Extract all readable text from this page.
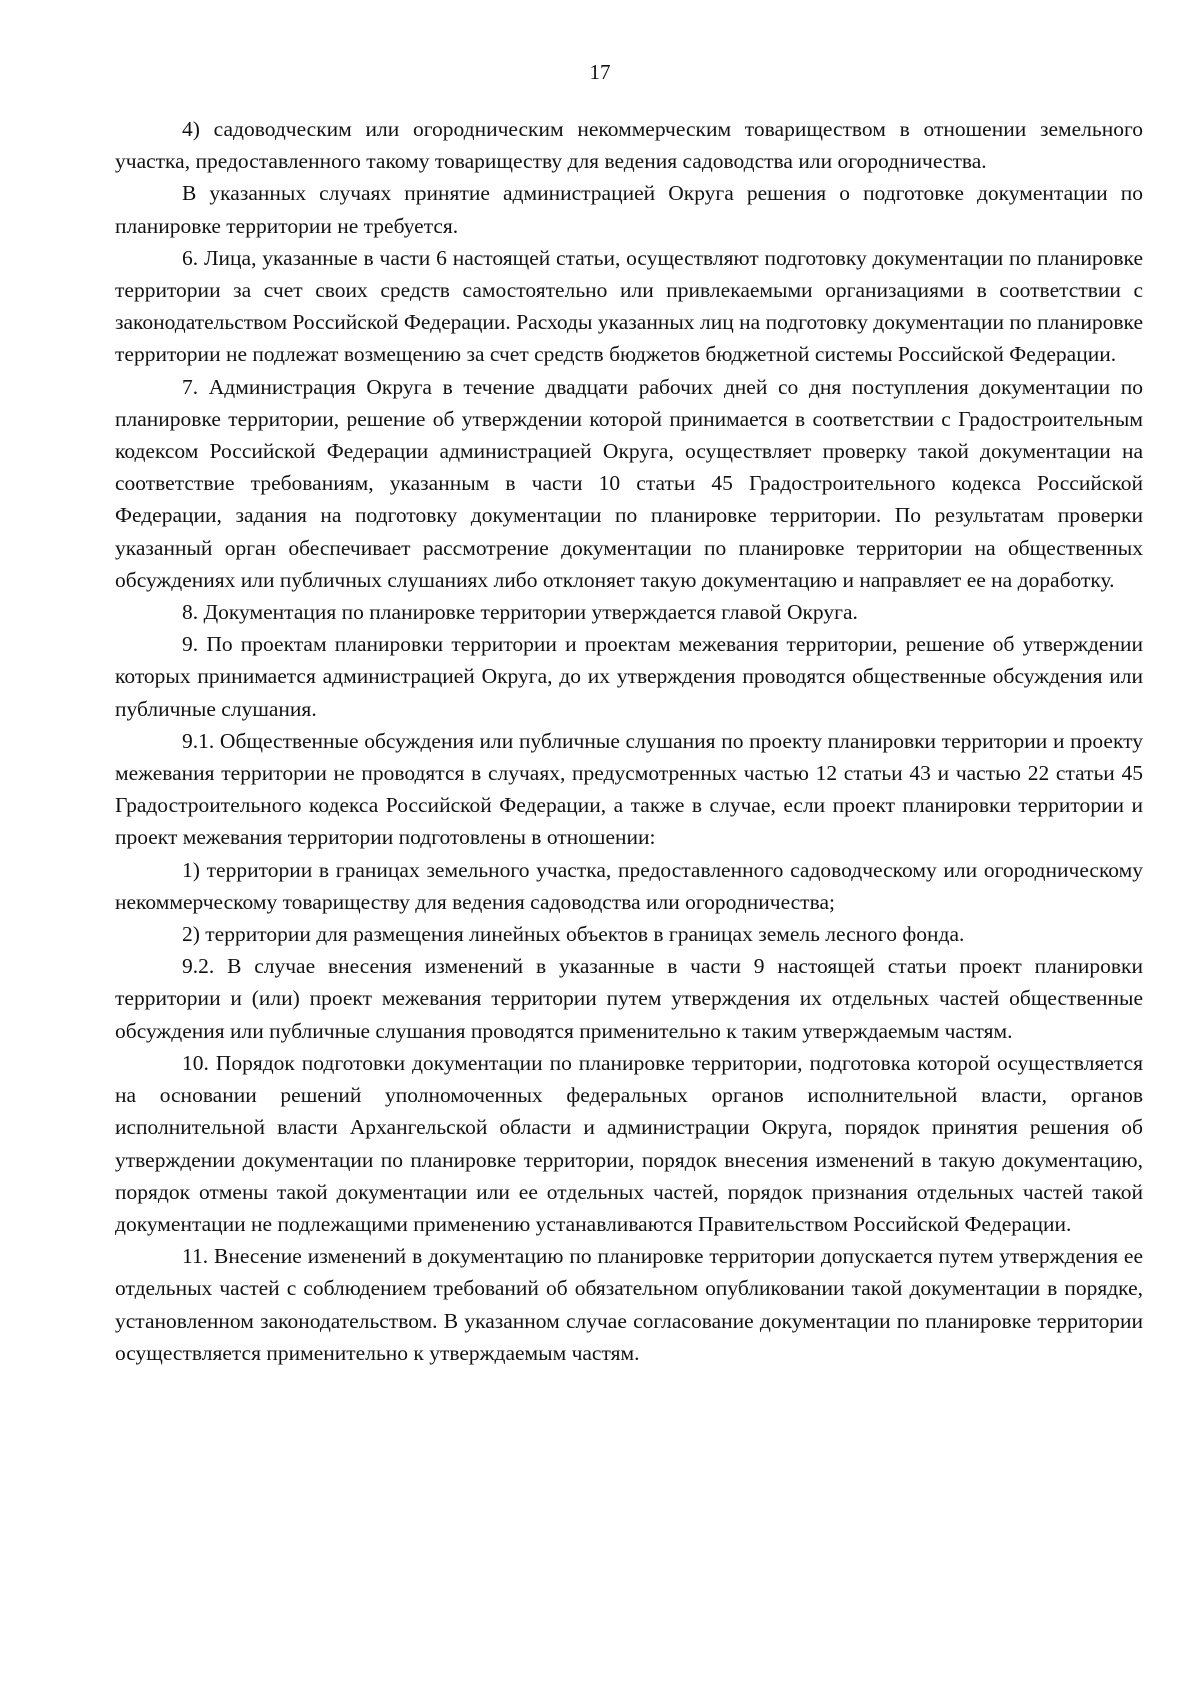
17

4) садоводческим или огородническим некоммерческим товариществом в отношении земельного участка, предоставленного такому товариществу для ведения садоводства или огородничества.

В указанных случаях принятие администрацией Округа решения о подготовке документации по планировке территории не требуется.

6. Лица, указанные в части 6 настоящей статьи, осуществляют подготовку документации по планировке территории за счет своих средств самостоятельно или привлекаемыми организациями в соответствии с законодательством Российской Федерации. Расходы указанных лиц на подготовку документации по планировке территории не подлежат возмещению за счет средств бюджетов бюджетной системы Российской Федерации.

7. Администрация Округа в течение двадцати рабочих дней со дня поступления документации по планировке территории, решение об утверждении которой принимается в соответствии с Градостроительным кодексом Российской Федерации администрацией Округа, осуществляет проверку такой документации на соответствие требованиям, указанным в части 10 статьи 45 Градостроительного кодекса Российской Федерации, задания на подготовку документации по планировке территории. По результатам проверки указанный орган обеспечивает рассмотрение документации по планировке территории на общественных обсуждениях или публичных слушаниях либо отклоняет такую документацию и направляет ее на доработку.

8. Документация по планировке территории утверждается главой Округа.

9. По проектам планировки территории и проектам межевания территории, решение об утверждении которых принимается администрацией Округа, до их утверждения проводятся общественные обсуждения или публичные слушания.

9.1. Общественные обсуждения или публичные слушания по проекту планировки территории и проекту межевания территории не проводятся в случаях, предусмотренных частью 12 статьи 43 и частью 22 статьи 45 Градостроительного кодекса Российской Федерации, а также в случае, если проект планировки территории и проект межевания территории подготовлены в отношении:

1) территории в границах земельного участка, предоставленного садоводческому или огородническому некоммерческому товариществу для ведения садоводства или огородничества;

2) территории для размещения линейных объектов в границах земель лесного фонда.

9.2. В случае внесения изменений в указанные в части 9 настоящей статьи проект планировки территории и (или) проект межевания территории путем утверждения их отдельных частей общественные обсуждения или публичные слушания проводятся применительно к таким утверждаемым частям.

10. Порядок подготовки документации по планировке территории, подготовка которой осуществляется на основании решений уполномоченных федеральных органов исполнительной власти, органов исполнительной власти Архангельской области и администрации Округа, порядок принятия решения об утверждении документации по планировке территории, порядок внесения изменений в такую документацию, порядок отмены такой документации или ее отдельных частей, порядок признания отдельных частей такой документации не подлежащими применению устанавливаются Правительством Российской Федерации.

11. Внесение изменений в документацию по планировке территории допускается путем утверждения ее отдельных частей с соблюдением требований об обязательном опубликовании такой документации в порядке, установленном законодательством. В указанном случае согласование документации по планировке территории осуществляется применительно к утверждаемым частям.
